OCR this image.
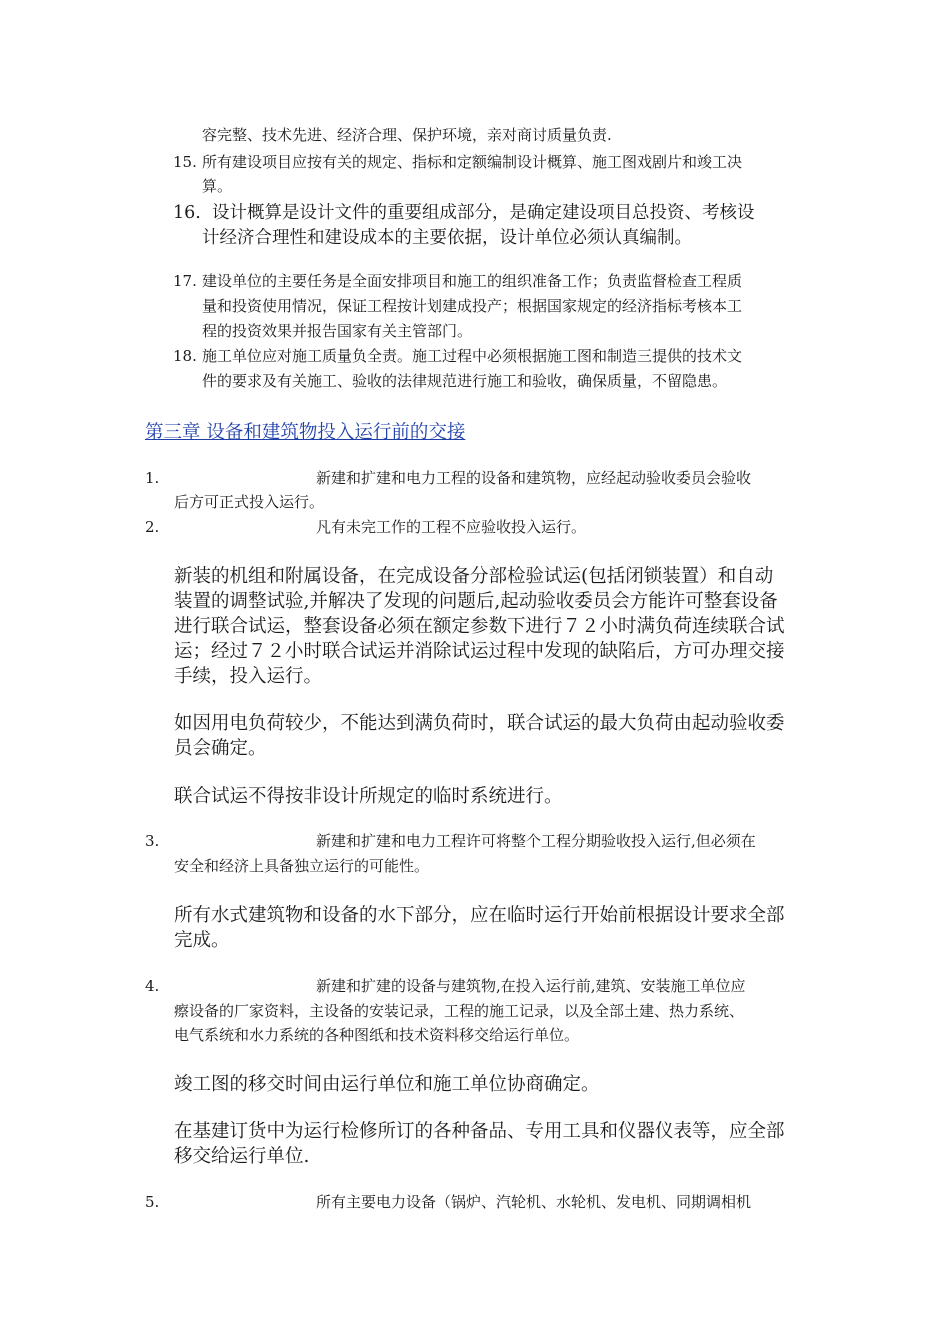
容完整、技术先进、经济合理、保护环境，亲对商讨质量负责.
15. 所有建设项目应按有关的规定、指标和定额编制设计概算、施工图戏剧片和竣工决
算。
16. 设计概算是设计文件的重要组成部分，是确定建设项目总投资、考核设
计经济合理性和建设成本的主要依据，设计单位必须认真编制。
17. 建设单位的主要任务是全面安排项目和施工的组织准备工作；负责监督检查工程质
量和投资使用情况，保证工程按计划建成投产；根据国家规定的经济指标考核本工
程的投资效果并报告国家有关主管部门。
18. 施工单位应对施工质量负全责。施工过程中必须根据施工图和制造三提供的技术文
件的要求及有关施工、验收的法律规范进行施工和验收，确保质量，不留隐患。
第三章 设备和建筑物投入运行前的交接
1.	新建和扩建和电力工程的设备和建筑物，应经起动验收委员会验收
后方可正式投入运行。
2.	凡有未完工作的工程不应验收投入运行。
新装的机组和附属设备，在完成设备分部检验试运(包括闭锁装置）和自动
装置的调整试验,并解决了发现的问题后,起动验收委员会方能许可整套设备
进行联合试运，整套设备必须在额定参数下进行７２小时满负荷连续联合试
运；经过７２小时联合试运并消除试运过程中发现的缺陷后，方可办理交接
手续，投入运行。
如因用电负荷较少，不能达到满负荷时，联合试运的最大负荷由起动验收委
员会确定。
联合试运不得按非设计所规定的临时系统进行。
3.	新建和扩建和电力工程许可将整个工程分期验收投入运行,但必须在
安全和经济上具备独立运行的可能性。
所有水式建筑物和设备的水下部分，应在临时运行开始前根据设计要求全部
完成。
4.	新建和扩建的设备与建筑物,在投入运行前,建筑、安装施工单位应
瘵设备的厂家资料，主设备的安装记录，工程的施工记录，以及全部土建、热力系统、
电气系统和水力系统的各种图纸和技术资料移交给运行单位。
竣工图的移交时间由运行单位和施工单位协商确定。
在基建订货中为运行检修所订的各种备品、专用工具和仪器仪表等，应全部
移交给运行单位.
5.	所有主要电力设备（锅炉、汽轮机、水轮机、发电机、同期调相机
